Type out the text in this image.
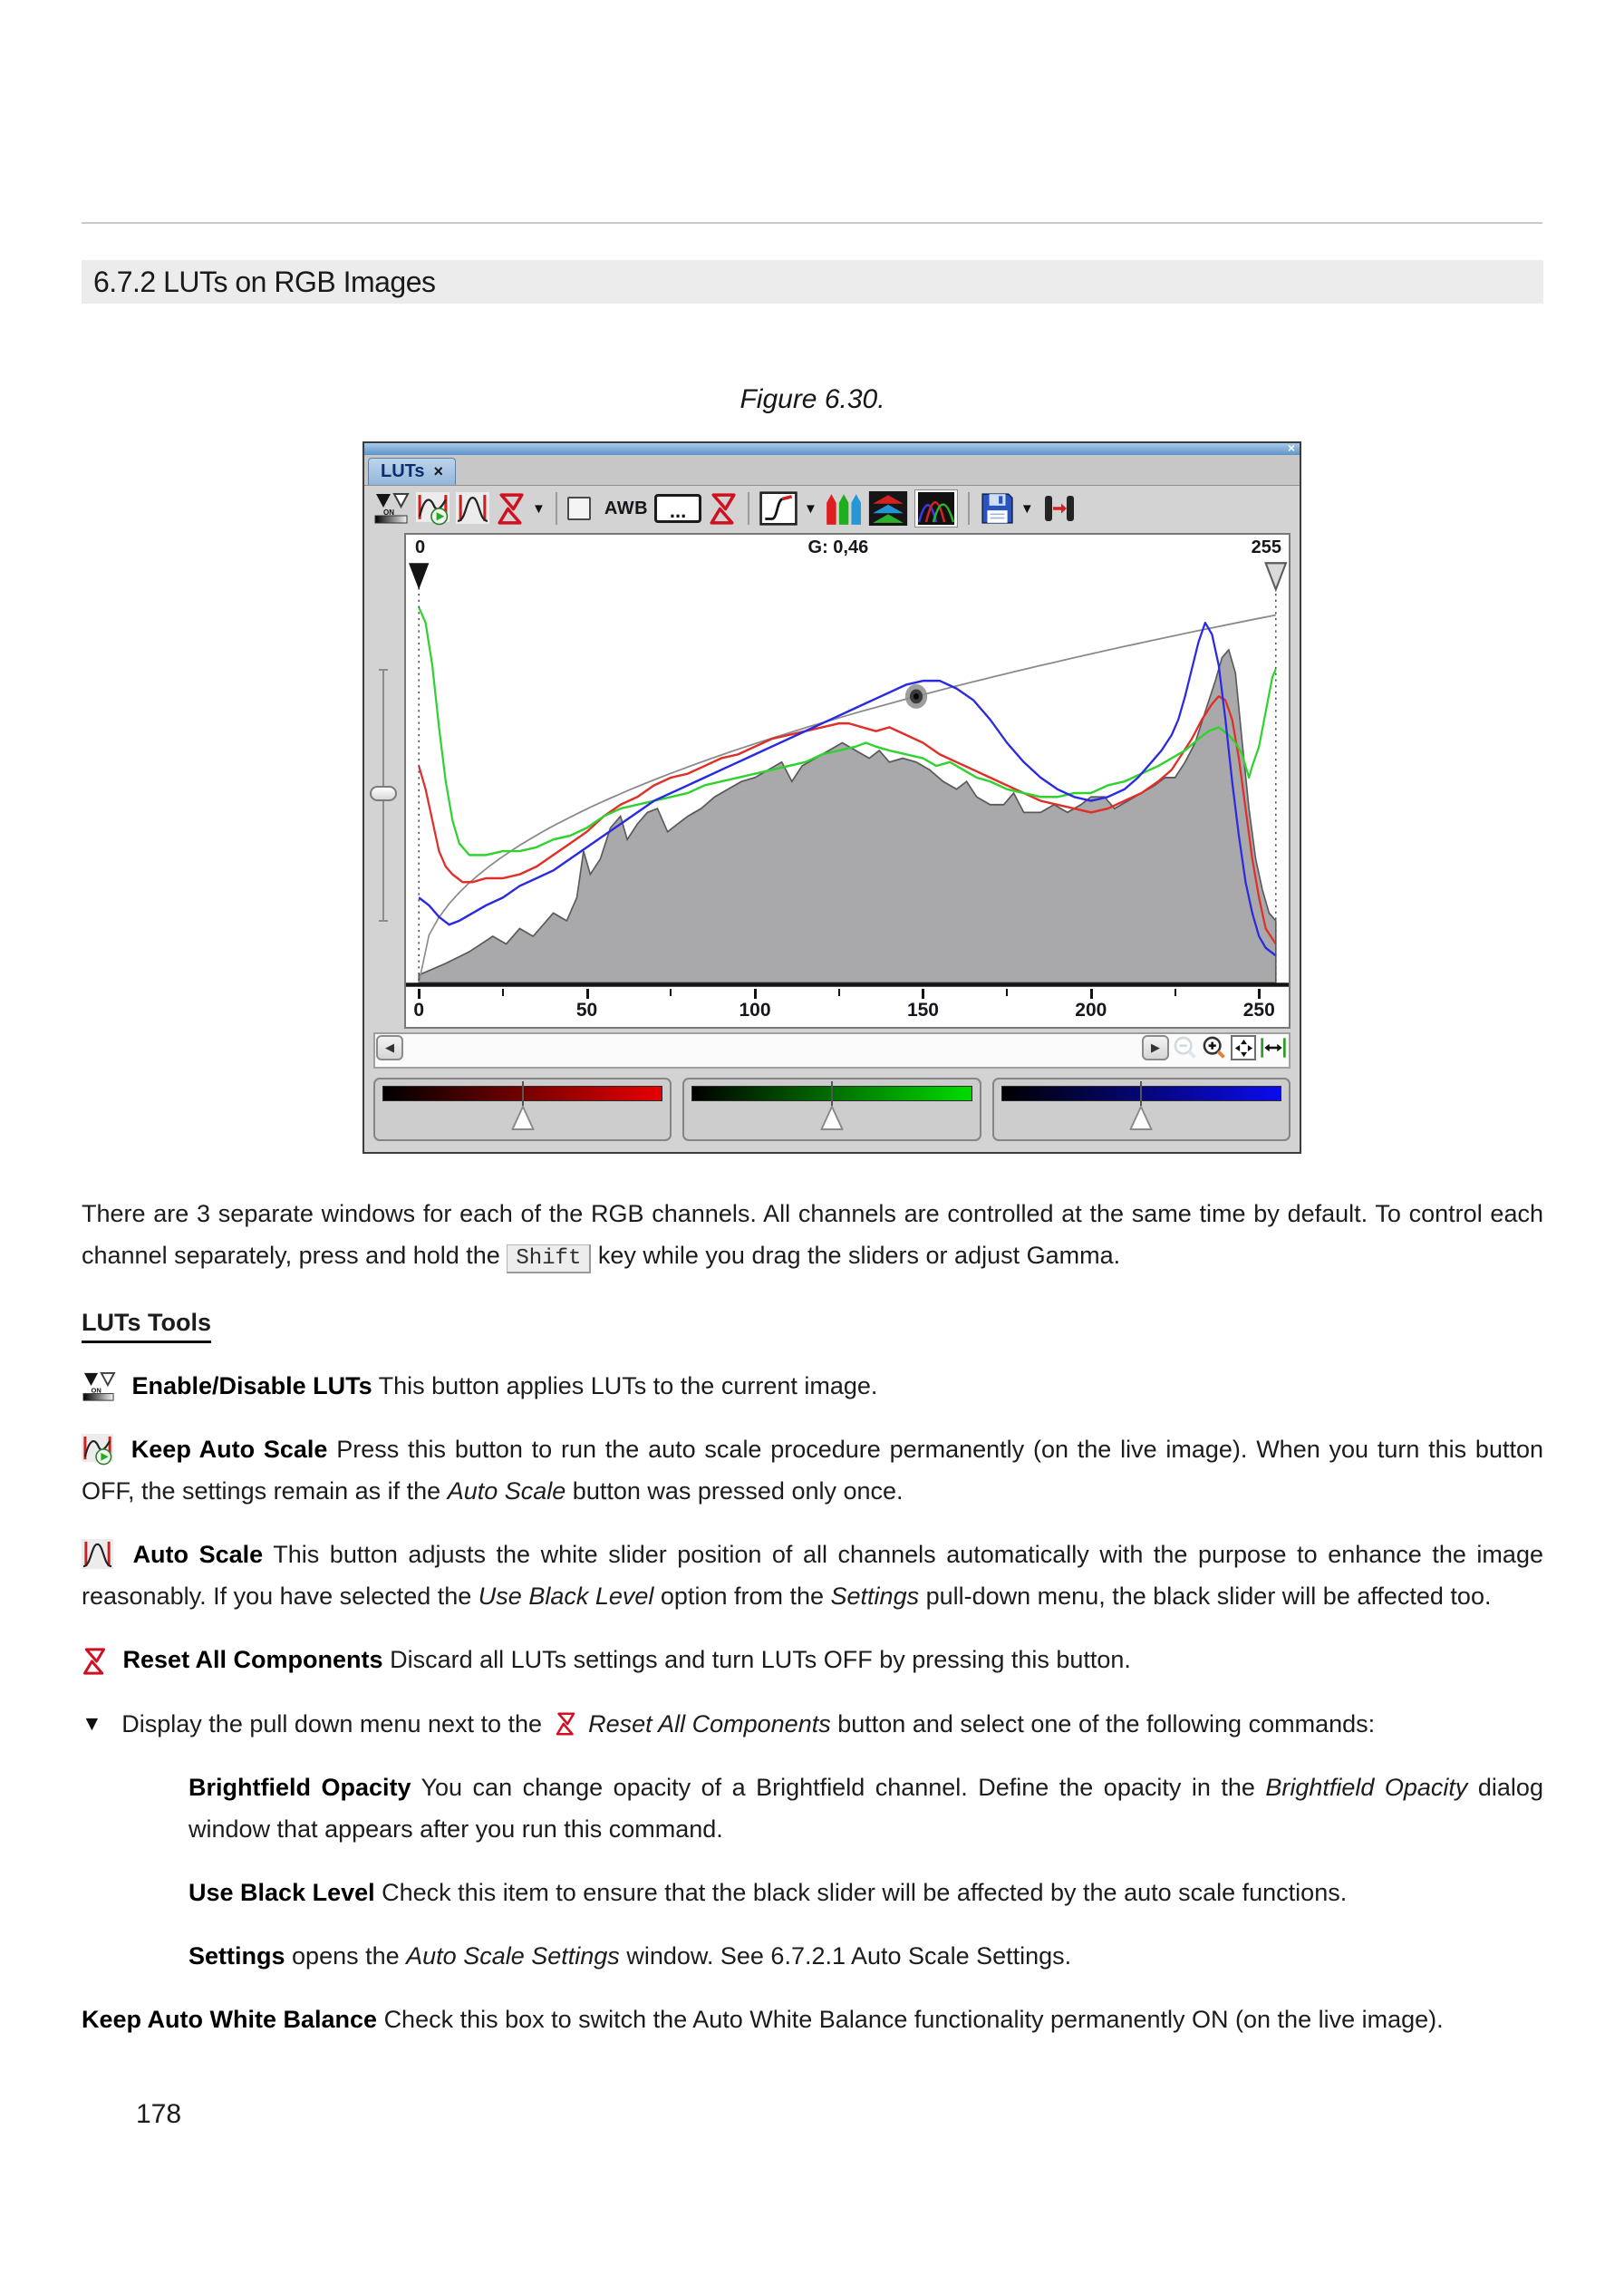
6.7.2 LUTs on RGB Images
Figure 6.30.
×
LUTs ×
▼	AWB	...	▼	▼
0	G: 0,46	255
0	50	100	150	200	250
◀	▶

There are 3 separate windows for each of the RGB channels. All channels are controlled at the same time by default. To control each channel separately, press and hold the Shift key while you drag the sliders or adjust Gamma.

LUTs Tools

Enable/Disable LUTs This button applies LUTs to the current image.

Keep Auto Scale Press this button to run the auto scale procedure permanently (on the live image). When you turn this button OFF, the settings remain as if the Auto Scale button was pressed only once.

Auto Scale This button adjusts the white slider position of all channels automatically with the purpose to enhance the image reasonably. If you have selected the Use Black Level option from the Settings pull-down menu, the black slider will be affected too.

Reset All Components Discard all LUTs settings and turn LUTs OFF by pressing this button.

▼ Display the pull down menu next to the Reset All Components button and select one of the following commands:

Brightfield Opacity You can change opacity of a Brightfield channel. Define the opacity in the Brightfield Opacity dialog window that appears after you run this command.

Use Black Level Check this item to ensure that the black slider will be affected by the auto scale functions.

Settings opens the Auto Scale Settings window. See 6.7.2.1 Auto Scale Settings.

Keep Auto White Balance Check this box to switch the Auto White Balance functionality permanently ON (on the live image).

178
